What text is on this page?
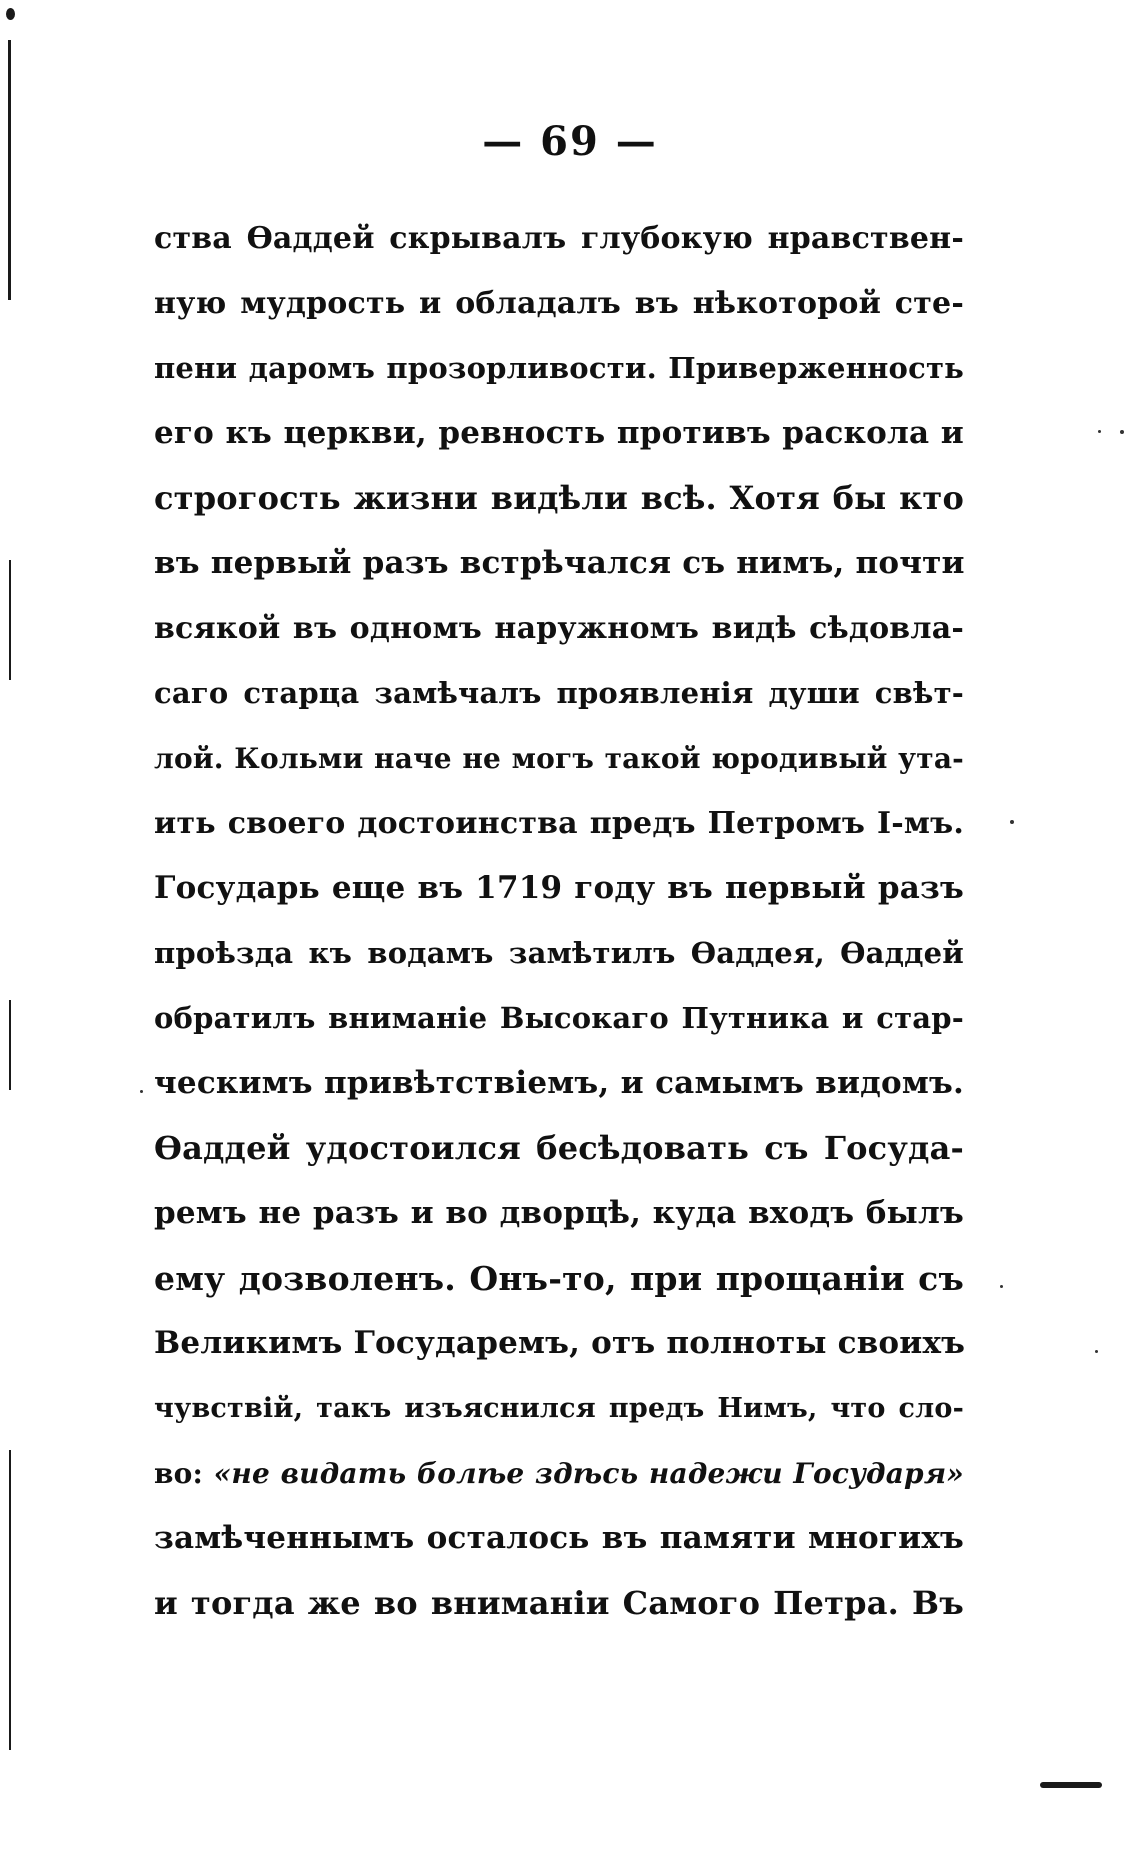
— 69 —
ства Ѳаддей скрывалъ глубокую нравствен-
ную мудрость и обладалъ въ нѣкоторой сте-
пени даромъ прозорливости. Приверженность
его къ церкви, ревность противъ раскола и
строгость жизни видѣли всѣ. Хотя бы кто
въ первый разъ встрѣчался съ нимъ, почти
всякой въ одномъ наружномъ видѣ сѣдовла-
саго старца замѣчалъ проявленія души свѣт-
лой. Кольми наче не могъ такой юродивый ута-
ить своего достоинства предъ Петромъ I-мъ.
Государь еще въ 1719 году въ первый разъ
проѣзда къ водамъ замѣтилъ Ѳаддея, Ѳаддей
обратилъ вниманіе Высокаго Путника и стар-
ческимъ привѣтствіемъ, и самымъ видомъ.
Ѳаддей удостоился бесѣдовать съ Госуда-
ремъ не разъ и во дворцѣ, куда входъ былъ
ему дозволенъ. Онъ-то, при прощаніи съ
Великимъ Государемъ, отъ полноты своихъ
чувствій, такъ изъяснился предъ Нимъ, что сло-
во: «не видать болѣе здѣсь надежи Государя»
замѣченнымъ осталось въ памяти многихъ
и тогда же во вниманіи Самого Петра. Въ
